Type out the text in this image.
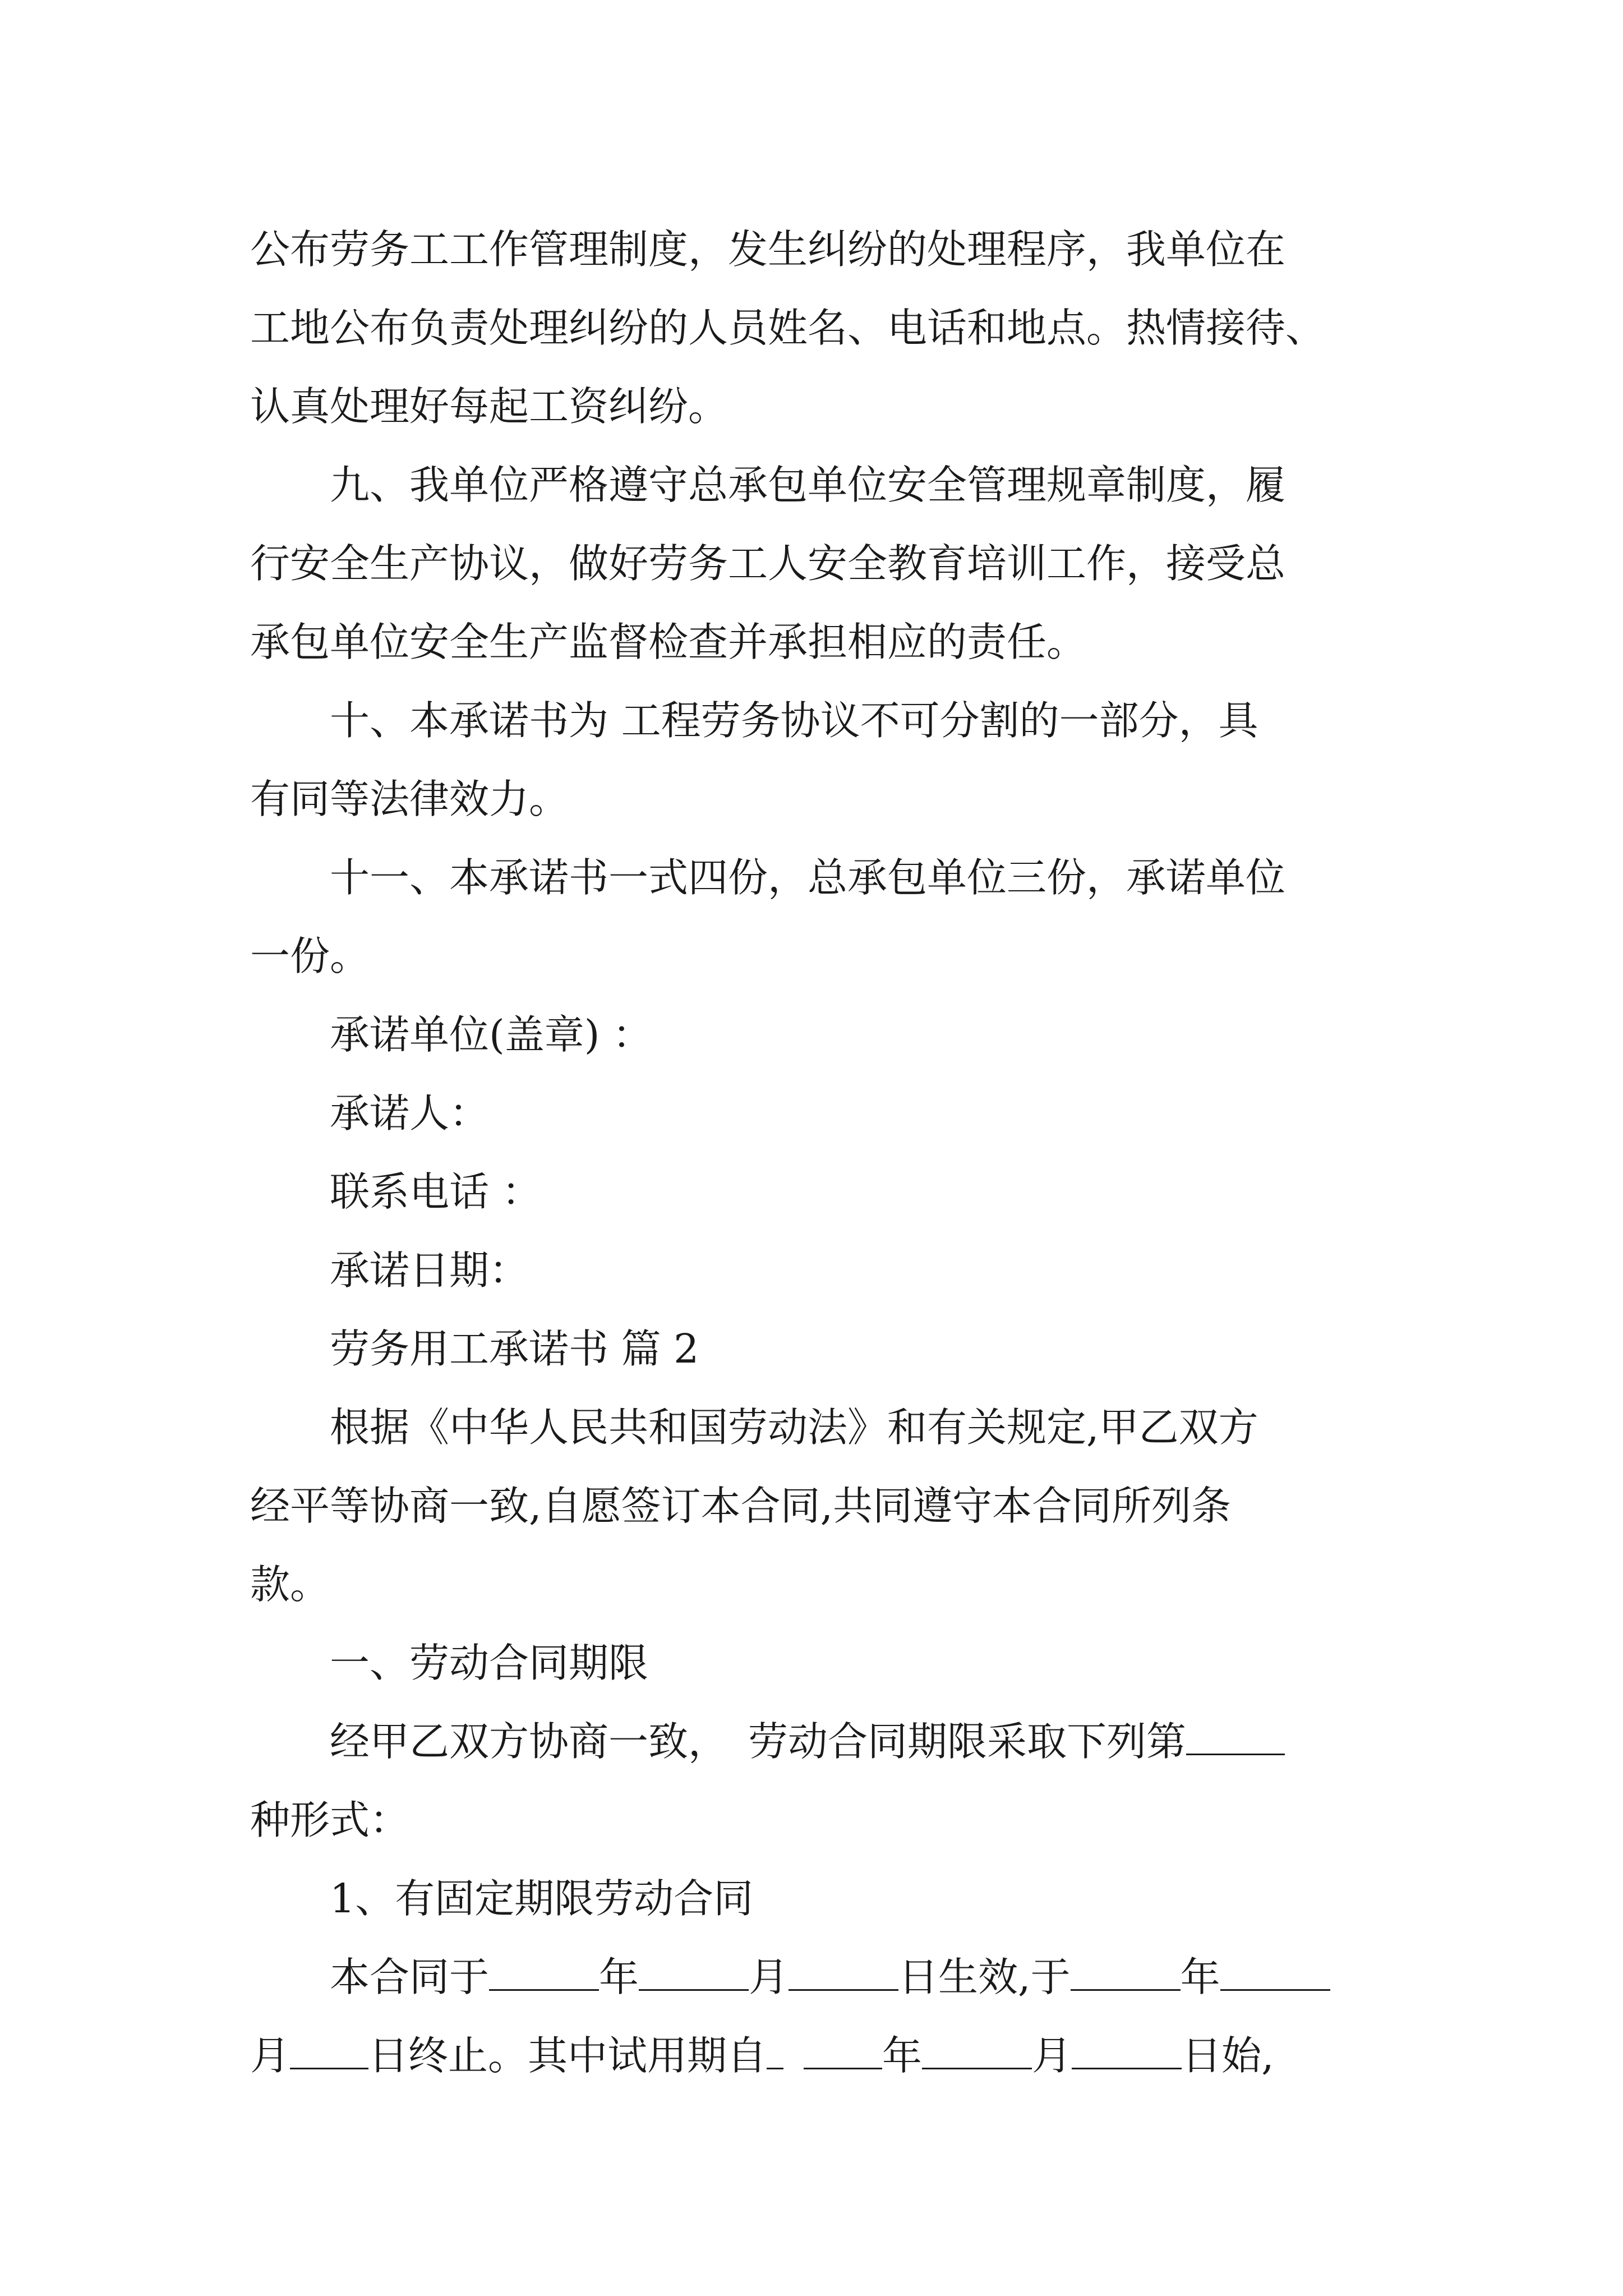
公布劳务工工作管理制度，发生纠纷的处理程序，我单位在

工地公布负责处理纠纷的人员姓名、电话和地点。热情接待、

认真处理好每起工资纠纷。

九、我单位严格遵守总承包单位安全管理规章制度，履

行安全生产协议，做好劳务工人安全教育培训工作，接受总

承包单位安全生产监督检查并承担相应的责任。

十、本承诺书为 工程劳务协议不可分割的一部分，具

有同等法律效力。

十一、本承诺书一式四份，总承包单位三份，承诺单位

一份。

承诺单位(盖章) ：

承诺人：

联系电话 ：

承诺日期：

劳务用工承诺书 篇 2

根据《中华人民共和国劳动法》和有关规定,甲乙双方

经平等协商一致,自愿签订本合同,共同遵守本合同所列条

款。

一、劳动合同期限

经甲乙双方协商一致， 劳动合同期限采取下列第

种形式：

1、有固定期限劳动合同

本合同于	年	月	日生效,于	年

月 日终止。其中试用期自	年	月	日始,
